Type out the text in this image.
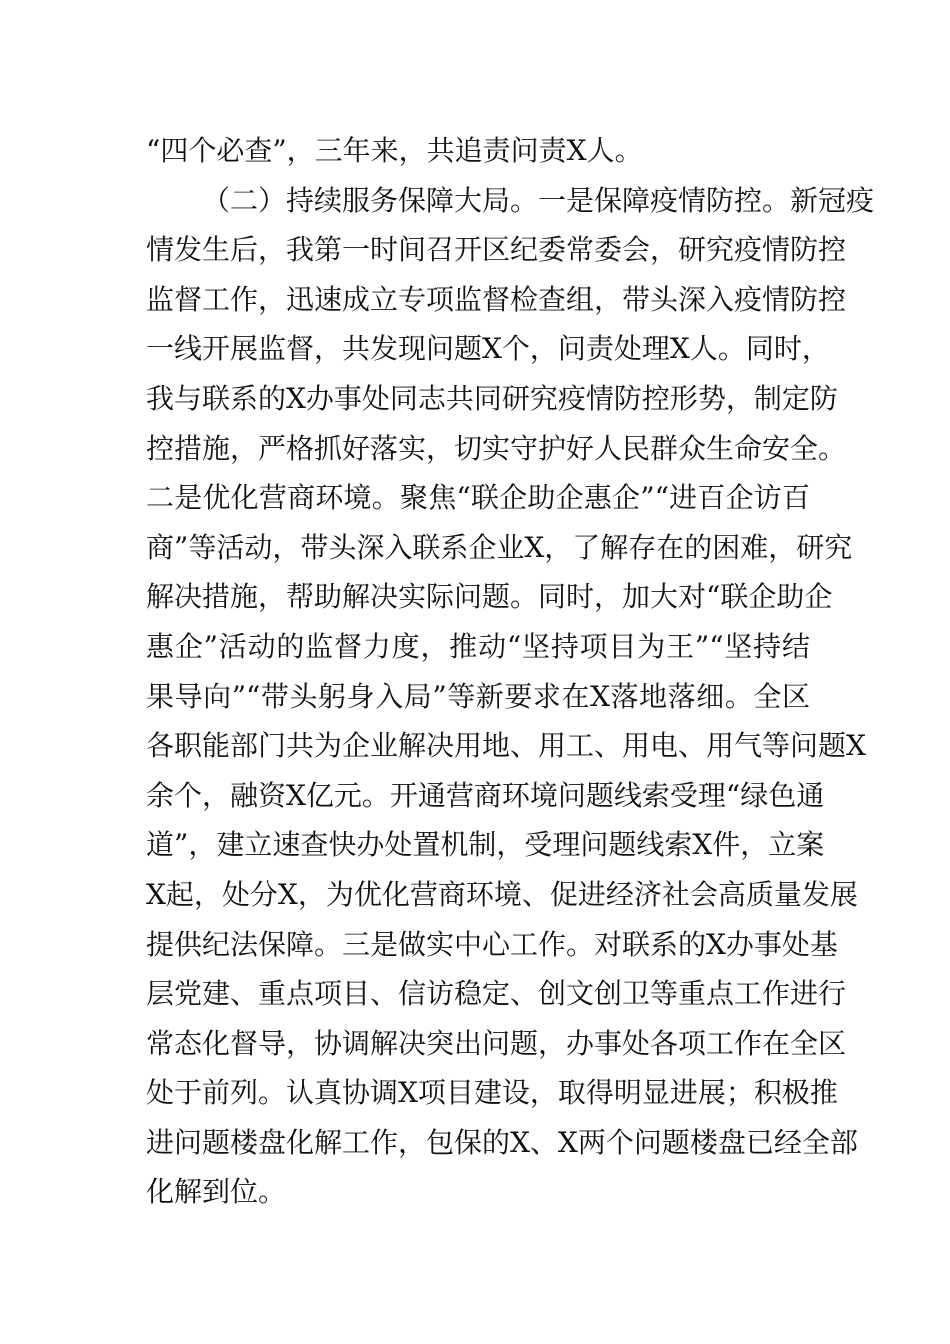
“四个必查”，三年来，共追责问责X人。
（二）持续服务保障大局。一是保障疫情防控。新冠疫
情发生后，我第一时间召开区纪委常委会，研究疫情防控
监督工作，迅速成立专项监督检查组，带头深入疫情防控
一线开展监督，共发现问题X个，问责处理X人。同时，
我与联系的X办事处同志共同研究疫情防控形势，制定防
控措施，严格抓好落实，切实守护好人民群众生命安全。
二是优化营商环境。聚焦“联企助企惠企”“进百企访百
商”等活动，带头深入联系企业X，了解存在的困难，研究
解决措施，帮助解决实际问题。同时，加大对“联企助企
惠企”活动的监督力度，推动“坚持项目为王”“坚持结
果导向”“带头躬身入局”等新要求在X落地落细。全区
各职能部门共为企业解决用地、用工、用电、用气等问题X
余个，融资X亿元。开通营商环境问题线索受理“绿色通
道”，建立速查快办处置机制，受理问题线索X件，立案
X起，处分X，为优化营商环境、促进经济社会高质量发展
提供纪法保障。三是做实中心工作。对联系的X办事处基
层党建、重点项目、信访稳定、创文创卫等重点工作进行
常态化督导，协调解决突出问题，办事处各项工作在全区
处于前列。认真协调X项目建设，取得明显进展；积极推
进问题楼盘化解工作，包保的X、X两个问题楼盘已经全部
化解到位。
